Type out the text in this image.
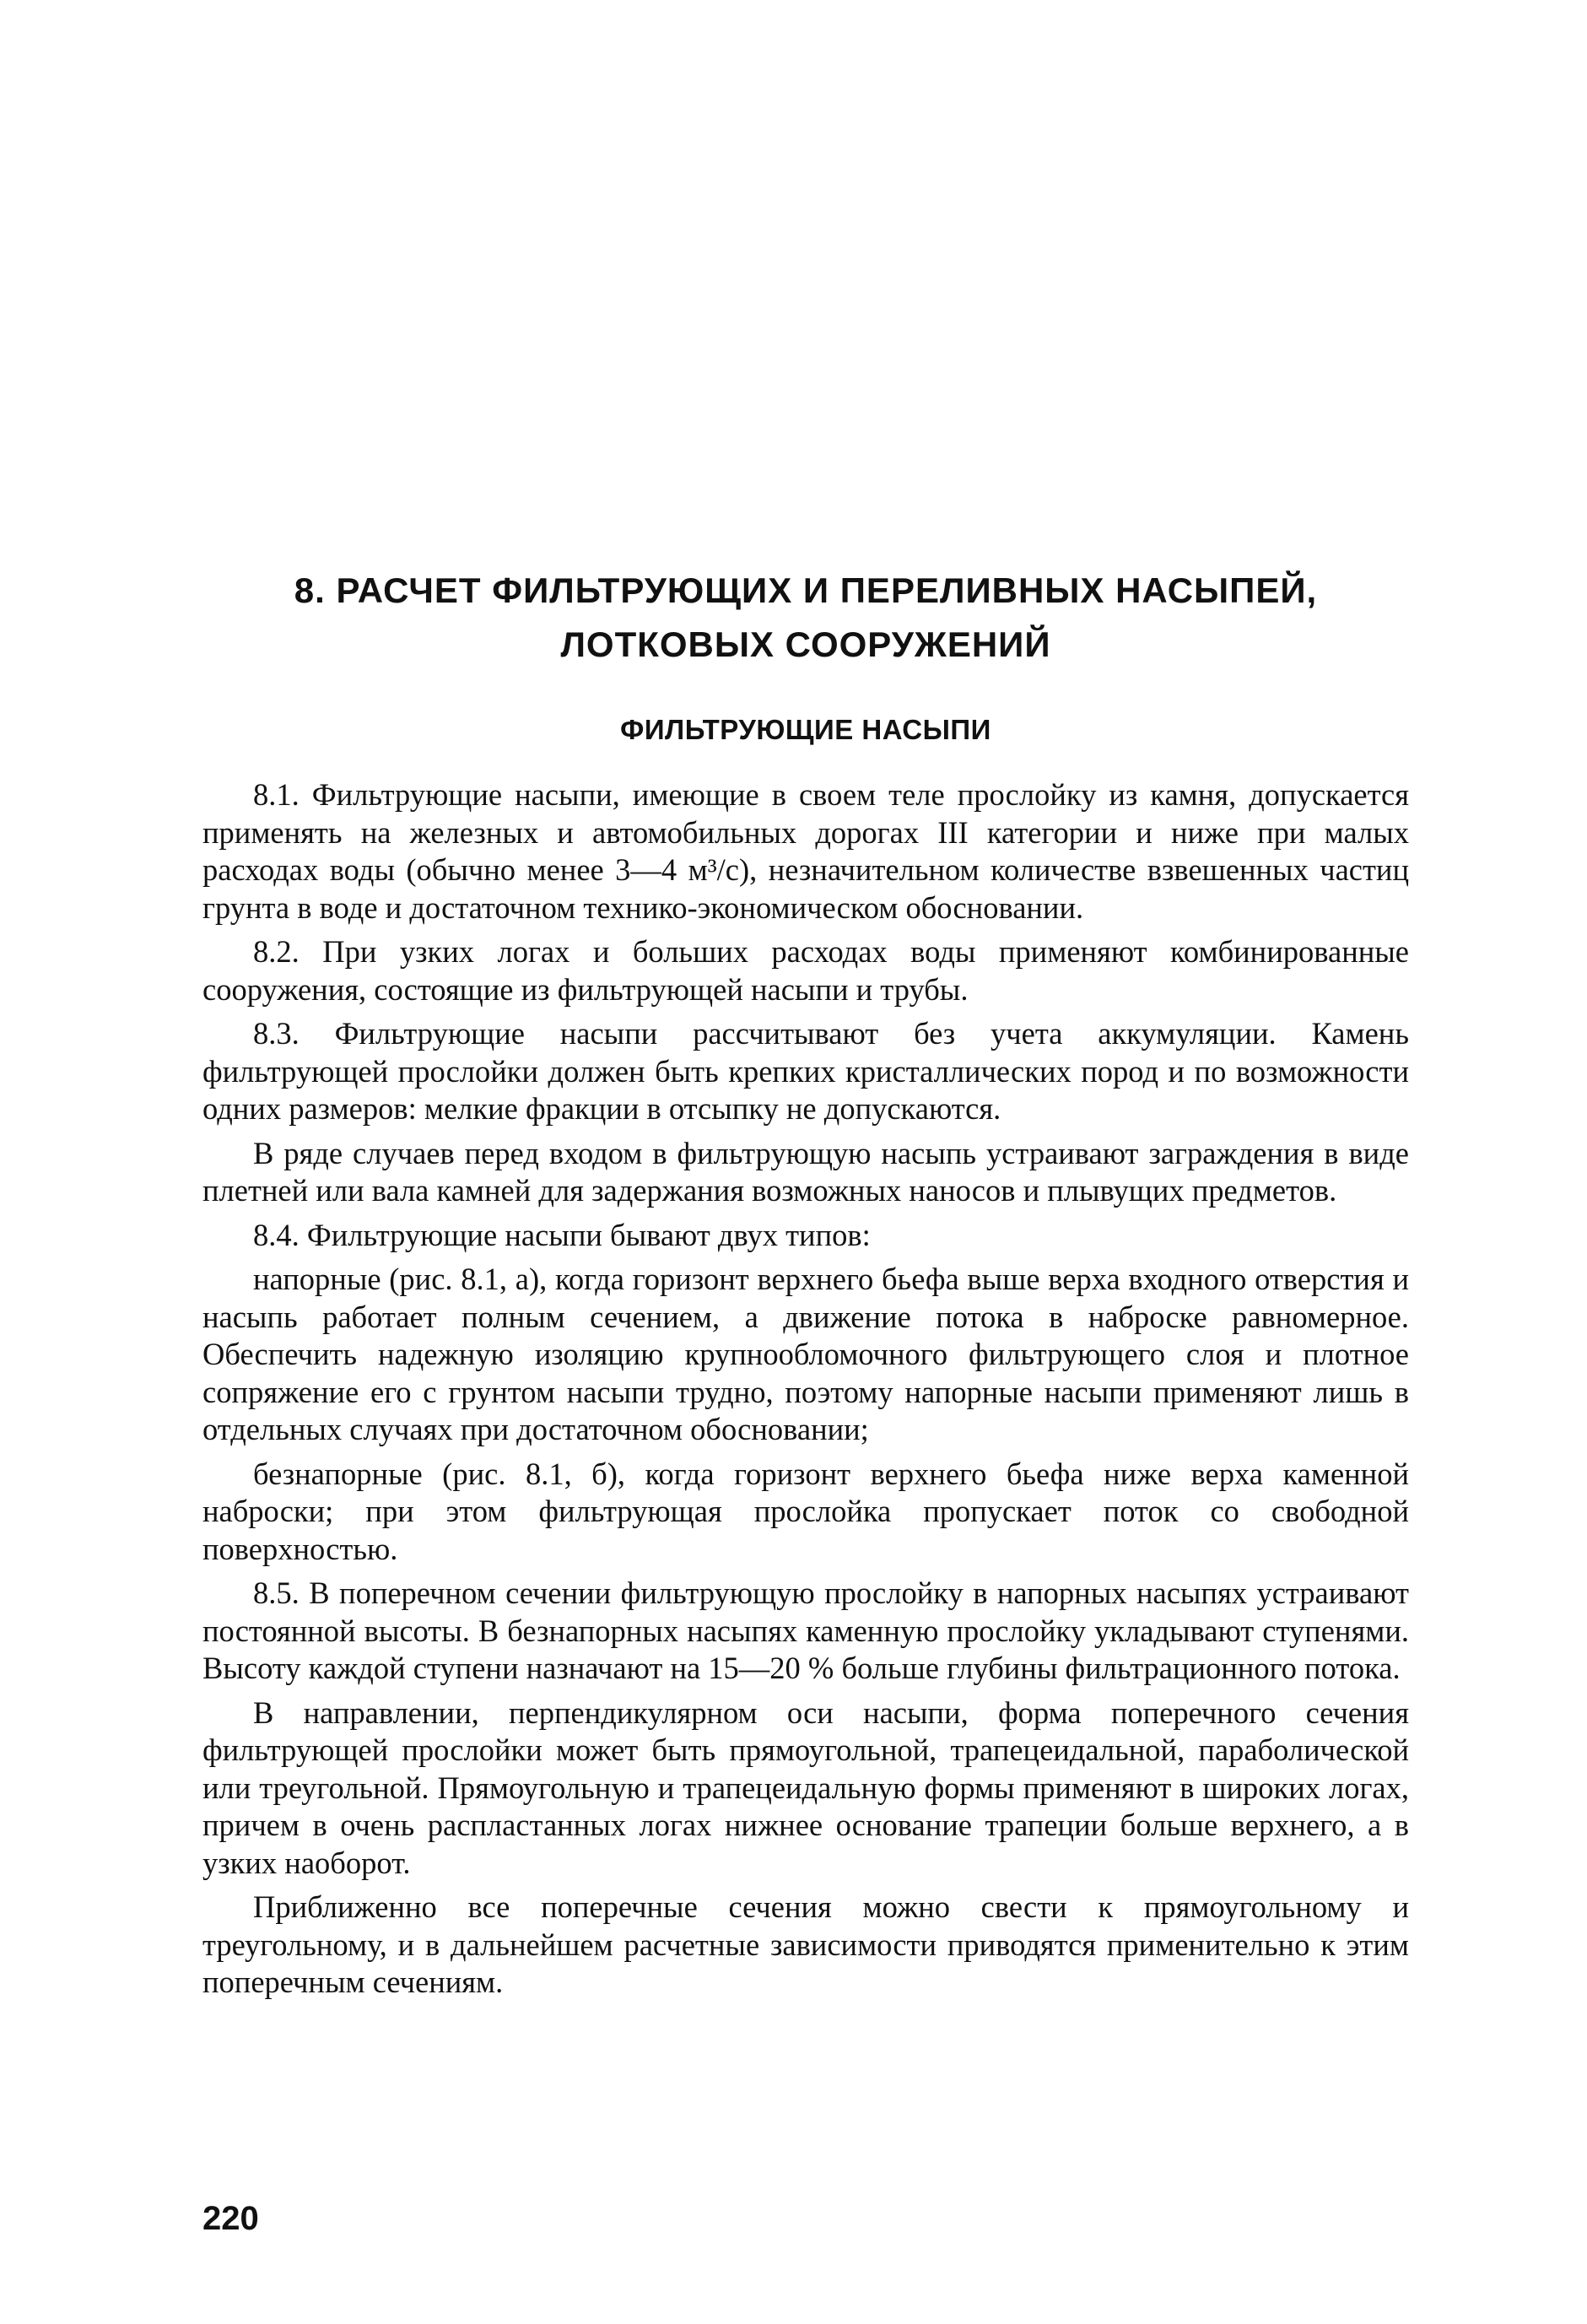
8. РАСЧЕТ ФИЛЬТРУЮЩИХ И ПЕРЕЛИВНЫХ НАСЫПЕЙ,
ЛОТКОВЫХ СООРУЖЕНИЙ
ФИЛЬТРУЮЩИЕ НАСЫПИ

8.1. Фильтрующие насыпи, имеющие в своем теле прослойку из камня, допускается применять на железных и автомобильных дорогах III категории и ниже при малых расходах воды (обычно менее 3—4 м³/с), незначительном количестве взвешенных частиц грунта в воде и достаточном технико-экономическом обосновании.

8.2. При узких логах и больших расходах воды применяют комбинированные сооружения, состоящие из фильтрующей насыпи и трубы.

8.3. Фильтрующие насыпи рассчитывают без учета аккумуляции. Камень фильтрующей прослойки должен быть крепких кристаллических пород и по возможности одних размеров: мелкие фракции в отсыпку не допускаются.

В ряде случаев перед входом в фильтрующую насыпь устраивают заграждения в виде плетней или вала камней для задержания возможных наносов и плывущих предметов.

8.4. Фильтрующие насыпи бывают двух типов:

напорные (рис. 8.1, а), когда горизонт верхнего бьефа выше верха входного отверстия и насыпь работает полным сечением, а движение потока в наброске равномерное. Обеспечить надежную изоляцию крупнообломочного фильтрующего слоя и плотное сопряжение его с грунтом насыпи трудно, поэтому напорные насыпи применяют лишь в отдельных случаях при достаточном обосновании;

безнапорные (рис. 8.1, б), когда горизонт верхнего бьефа ниже верха каменной наброски; при этом фильтрующая прослойка пропускает поток со свободной поверхностью.

8.5. В поперечном сечении фильтрующую прослойку в напорных насыпях устраивают постоянной высоты. В безнапорных насыпях каменную прослойку укладывают ступенями. Высоту каждой ступени назначают на 15—20 % больше глубины фильтрационного потока.

В направлении, перпендикулярном оси насыпи, форма поперечного сечения фильтрующей прослойки может быть прямоугольной, трапецеидальной, параболической или треугольной. Прямоугольную и трапецеидальную формы применяют в широких логах, причем в очень распластанных логах нижнее основание трапеции больше верхнего, а в узких наоборот.

Приближенно все поперечные сечения можно свести к прямоугольному и треугольному, и в дальнейшем расчетные зависимости приводятся применительно к этим поперечным сечениям.

220
